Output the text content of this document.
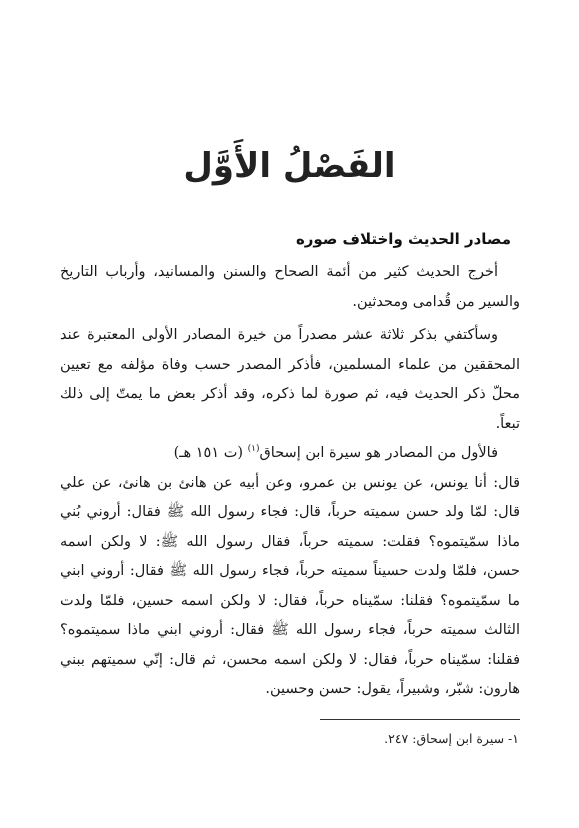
الفَصْلُ الأَوَّل
مصادر الحديث واختلاف صوره

أخرج الحديث كثير من أئمة الصحاح والسنن والمسانيد، وأرباب التاريخ والسير من قُدامى ومحدثين.

وسأكتفي بذكر ثلاثة عشر مصدراً من خيرة المصادر الأولى المعتبرة عند المحققين من علماء المسلمين، فأذكر المصدر حسب وفاة مؤلفه مع تعيين محلّ ذكر الحديث فيه، ثم صورة لما ذكره، وقد أذكر بعض ما يمتّ إلى ذلك تبعاً.

فالأول من المصادر هو سيرة ابن إسحاق$^{(١)}$ (ت ١٥١ هـ)

قال: أنا يونس، عن يونس بن عمرو، وعن أبيه عن هانئ بن هانئ، عن علي قال: لمّا ولد حسن سميته حرباً، قال: فجاء رسول الله ﷺ فقال: أروني بُني ماذا سمّيتموه؟ فقلت: سميته حرباً، فقال رسول الله ﷺ: لا ولكن اسمه حسن، فلمّا ولدت حسيناً سميته حرباً، فجاء رسول الله ﷺ فقال: أروني ابني ما سمّيتموه؟ فقلنا: سمّيناه حرباً، فقال: لا ولكن اسمه حسين، فلمّا ولدت الثالث سميته حرباً، فجاء رسول الله ﷺ فقال: أروني ابني ماذا سميتموه؟ فقلنا: سمّيناه حرباً، فقال: لا ولكن اسمه محسن، ثم قال: إنّي سميتهم ببني هارون: شبّر، وشبيراً، يقول: حسن وحسين.

١- سيرة ابن إسحاق: ٢٤٧.
